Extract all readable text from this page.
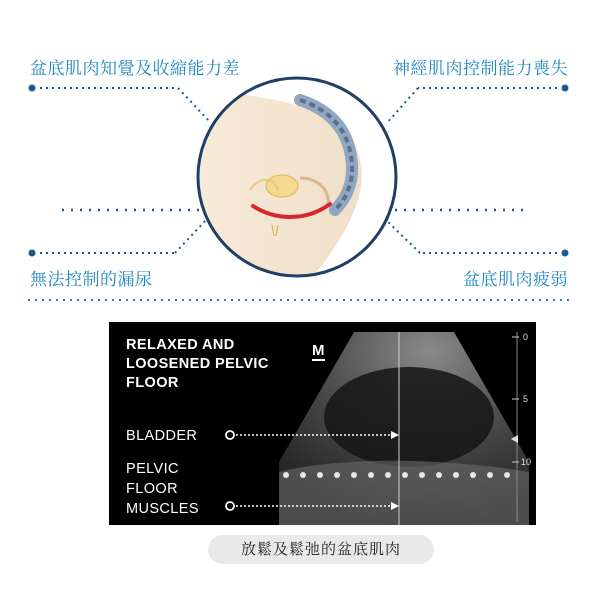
盆底肌肉知覺及收縮能力差	神經肌肉控制能力喪失
無法控制的漏尿	盆底肌肉疲弱
RELAXED AND
LOOSENED PELVIC
FLOOR
M
BLADDER
PELVIC
FLOOR
MUSCLES
0
5
10
放鬆及鬆弛的盆底肌肉
